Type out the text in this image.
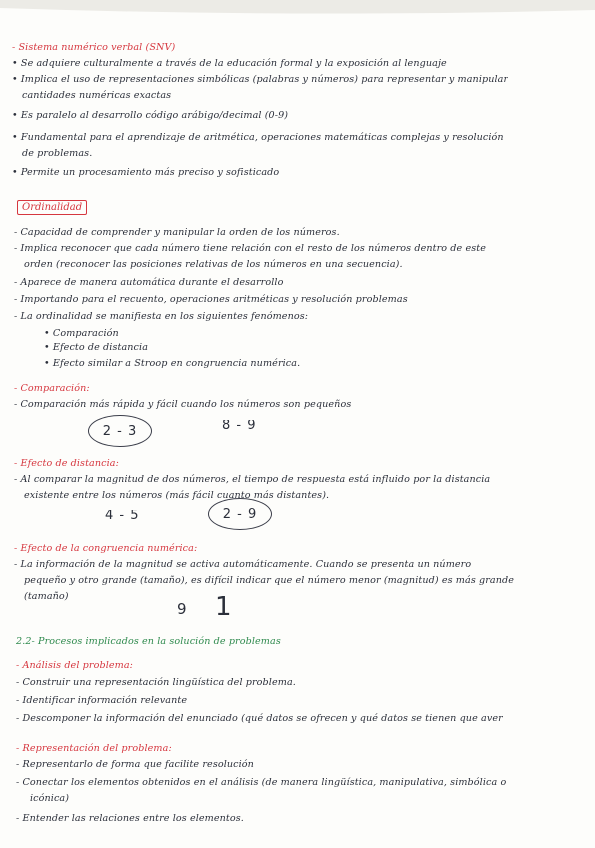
- Sistema numérico verbal (SNV)
• Se adquiere culturalmente a través de la educación formal y la exposición al lenguaje
• Implica el uso de representaciones simbólicas (palabras y números) para representar y manipular
cantidades numéricas exactas
• Es paralelo al desarrollo código arábigo/decimal (0-9)
• Fundamental para el aprendizaje de aritmética, operaciones matemáticas complejas y resolución
de problemas.
• Permite un procesamiento más preciso y sofisticado
Ordinalidad
- Capacidad de comprender y manipular la orden de los números.
- Implica reconocer que cada número tiene relación con el resto de los números dentro de este
orden (reconocer las posiciones relativas de los números en una secuencia).
- Aparece de manera automática durante el desarrollo
- Importando para el recuento, operaciones aritméticas y resolución problemas
- La ordinalidad se manifiesta en los siguientes fenómenos:
• Comparación
• Efecto de distancia
• Efecto similar a Stroop en congruencia numérica.
- Comparación:
- Comparación más rápida y fácil cuando los números son pequeños
2 - 3	8 - 9
- Efecto de distancia:
- Al comparar la magnitud de dos números, el tiempo de respuesta está influido por la distancia
existente entre los números (más fácil cuanto más distantes).
4 - 5	2 - 9
- Efecto de la congruencia numérica:
- La información de la magnitud se activa automáticamente. Cuando se presenta un número
pequeño y otro grande (tamaño), es difícil indicar que el número menor (magnitud) es más grande
(tamaño)
9 1
2.2- Procesos implicados en la solución de problemas
- Análisis del problema:
- Construir una representación lingüística del problema.
- Identificar información relevante
- Descomponer la información del enunciado (qué datos se ofrecen y qué datos se tienen que aver
- Representación del problema:
- Representarlo de forma que facilite resolución
- Conectar los elementos obtenidos en el análisis (de manera lingüística, manipulativa, simbólica o
icónica)
- Entender las relaciones entre los elementos.
